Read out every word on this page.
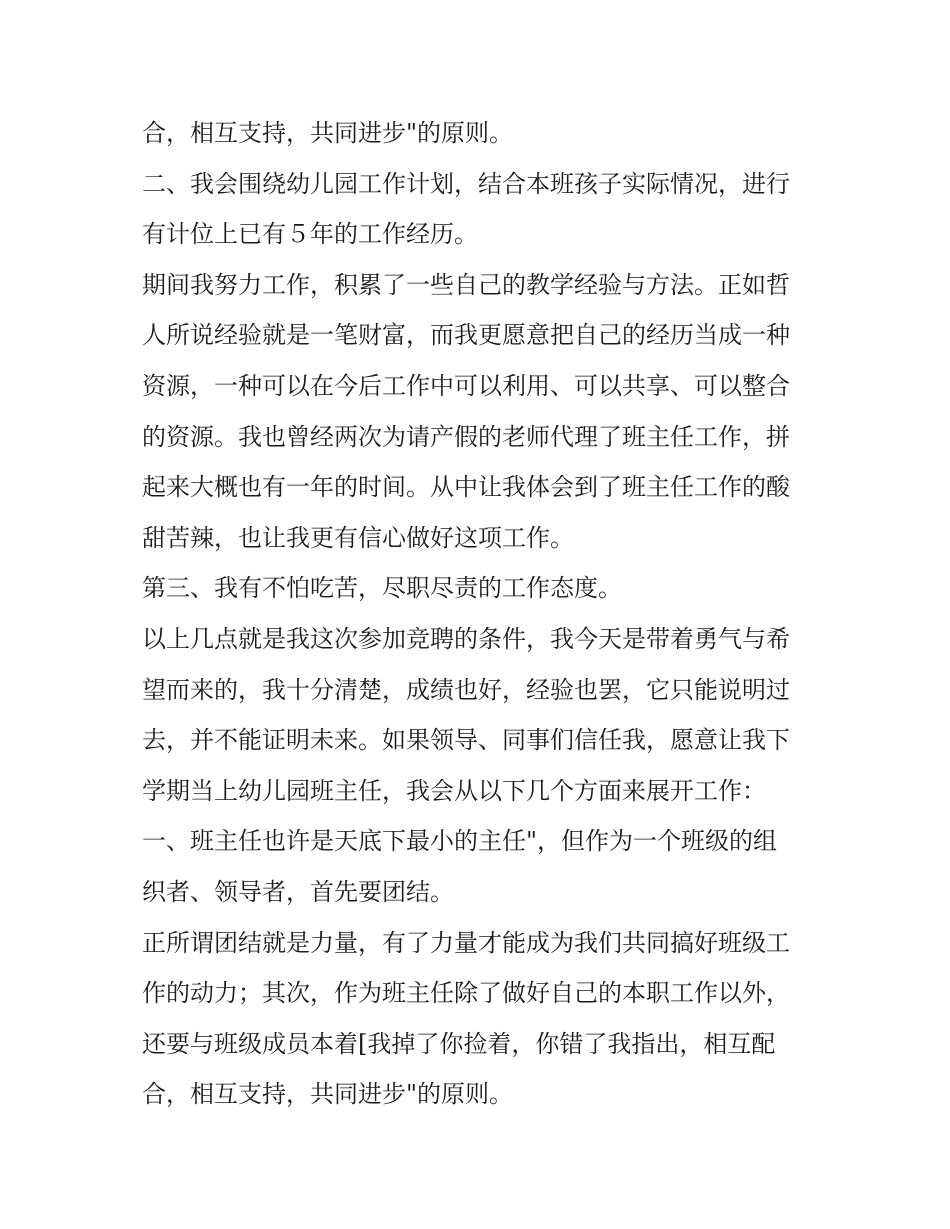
合，相互支持，共同进步"的原则。
二、我会围绕幼儿园工作计划，结合本班孩子实际情况，进行
有计位上已有５年的工作经历。
期间我努力工作，积累了一些自己的教学经验与方法。正如哲
人所说经验就是一笔财富，而我更愿意把自己的经历当成一种
资源，一种可以在今后工作中可以利用、可以共享、可以整合
的资源。我也曾经两次为请产假的老师代理了班主任工作，拼
起来大概也有一年的时间。从中让我体会到了班主任工作的酸
甜苦辣，也让我更有信心做好这项工作。
第三、我有不怕吃苦，尽职尽责的工作态度。
以上几点就是我这次参加竞聘的条件，我今天是带着勇气与希
望而来的，我十分清楚，成绩也好，经验也罢，它只能说明过
去，并不能证明未来。如果领导、同事们信任我，愿意让我下
学期当上幼儿园班主任，我会从以下几个方面来展开工作：
一、班主任也许是天底下最小的主任"，但作为一个班级的组
织者、领导者，首先要团结。
正所谓团结就是力量，有了力量才能成为我们共同搞好班级工
作的动力；其次，作为班主任除了做好自己的本职工作以外，
还要与班级成员本着[我掉了你捡着，你错了我指出，相互配
合，相互支持，共同进步"的原则。
